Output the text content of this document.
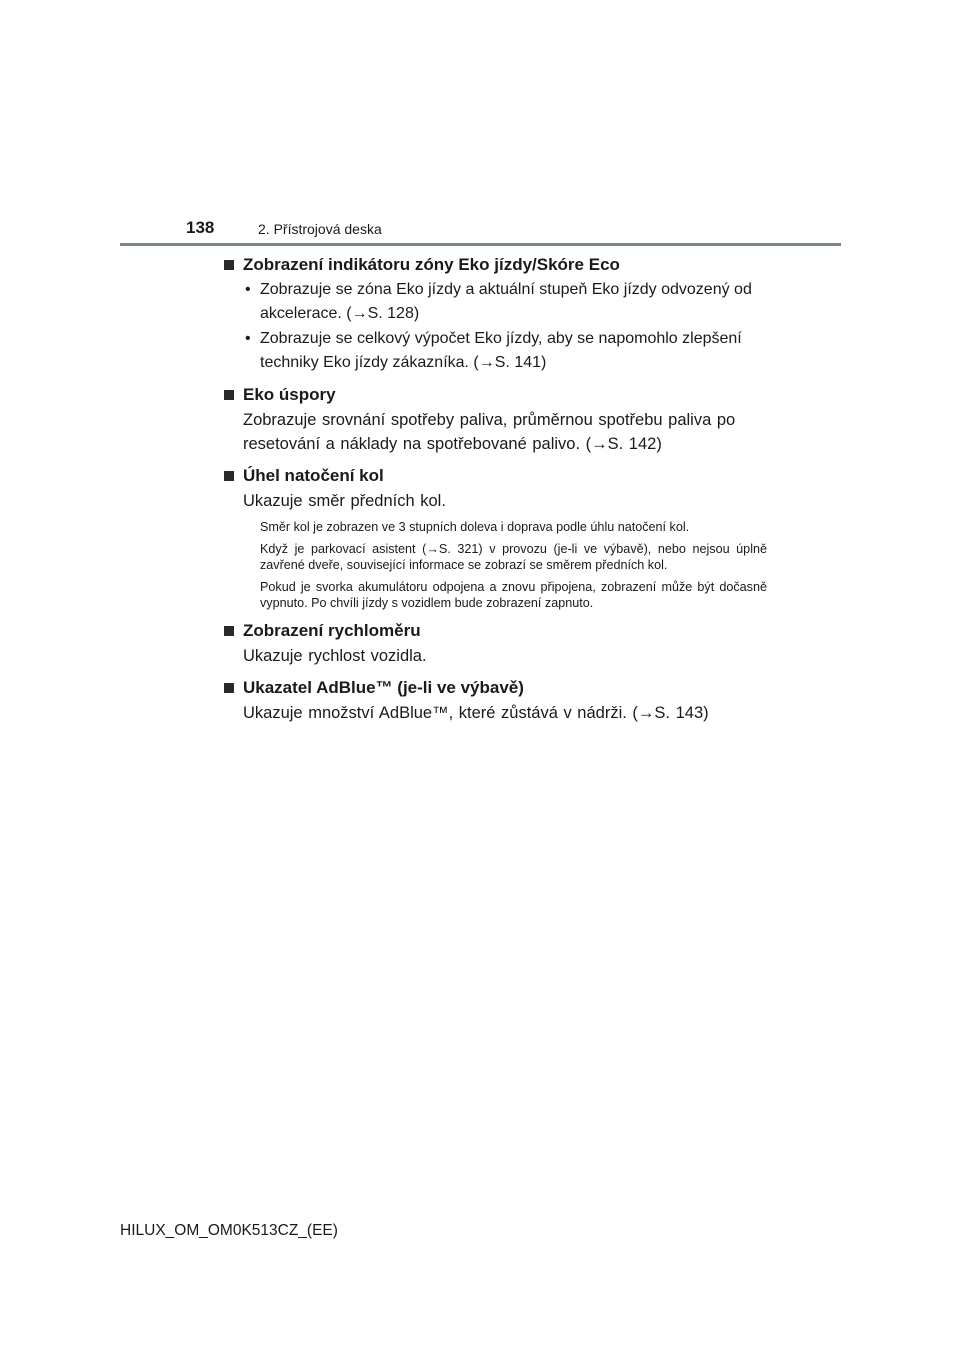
138	2. Přístrojová deska
Zobrazení indikátoru zóny Eko jízdy/Skóre Eco
• Zobrazuje se zóna Eko jízdy a aktuální stupeň Eko jízdy odvozený od akcelerace. (→S. 128)
• Zobrazuje se celkový výpočet Eko jízdy, aby se napomohlo zlepšení techniky Eko jízdy zákazníka. (→S. 141)
Eko úspory

Zobrazuje srovnání spotřeby paliva, průměrnou spotřebu paliva po resetování a náklady na spotřebované palivo. (→S. 142)

Úhel natočení kol

Ukazuje směr předních kol.

Směr kol je zobrazen ve 3 stupních doleva i doprava podle úhlu natočení kol.

Když je parkovací asistent (→S. 321) v provozu (je-li ve výbavě), nebo nejsou úplně zavřené dveře, související informace se zobrazí se směrem předních kol.

Pokud je svorka akumulátoru odpojena a znovu připojena, zobrazení může být dočasně vypnuto. Po chvíli jízdy s vozidlem bude zobrazení zapnuto.

Zobrazení rychloměru

Ukazuje rychlost vozidla.

Ukazatel AdBlue™ (je-li ve výbavě)

Ukazuje množství AdBlue™, které zůstává v nádrži. (→S. 143)

HILUX_OM_OM0K513CZ_(EE)
